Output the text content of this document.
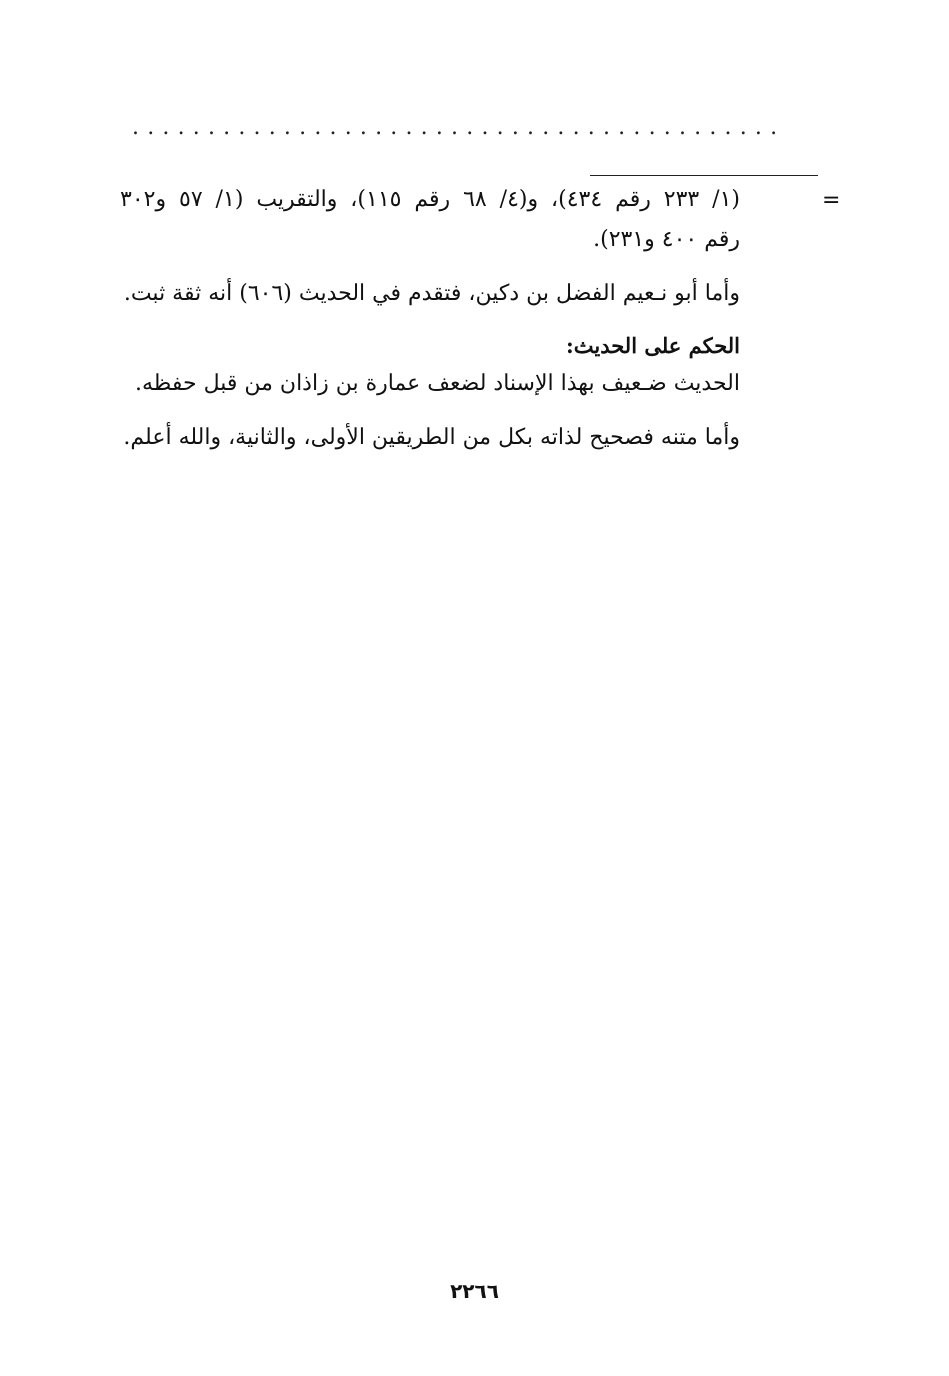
...........................................
=
(١/ ٢٣٣ رقم ٤٣٤)، و(٤/ ٦٨ رقم ١١٥)، والتقريب (١/ ٥٧ و٣٠٢
رقم ٤٠٠ و٢٣١).
وأما أبو نـعيم الفضل بن دكين، فتقدم في الحديث (٦٠٦) أنه ثقة ثبت.
الحكم على الحديث:
الحديث ضـعيف بهذا الإسناد لضعف عمارة بن زاذان من قبل حفظه.
وأما متنه فصحيح لذاته بكل من الطريقين الأولى، والثانية، والله أعلم.
٢٢٦٦
